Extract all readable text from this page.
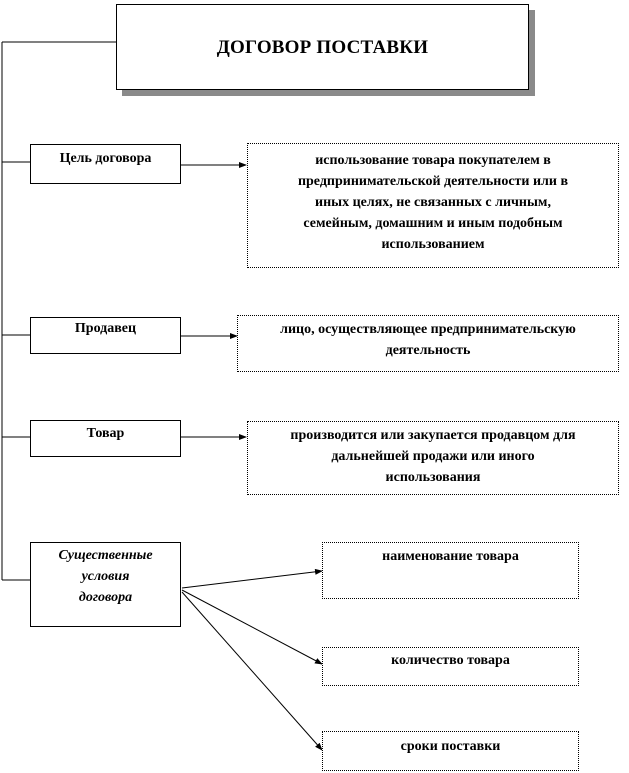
ДОГОВОР ПОСТАВКИ
Цель договора
Продавец
Товар
Существенные
условия
договора
использование товара покупателем в
предпринимательской деятельности или в
иных целях, не связанных с личным,
семейным, домашним и иным подобным
использованием
лицо, осуществляющее предпринимательскую
деятельность
производится или закупается продавцом для
дальнейшей продажи или иного
использования
наименование товара
количество товара
сроки поставки
